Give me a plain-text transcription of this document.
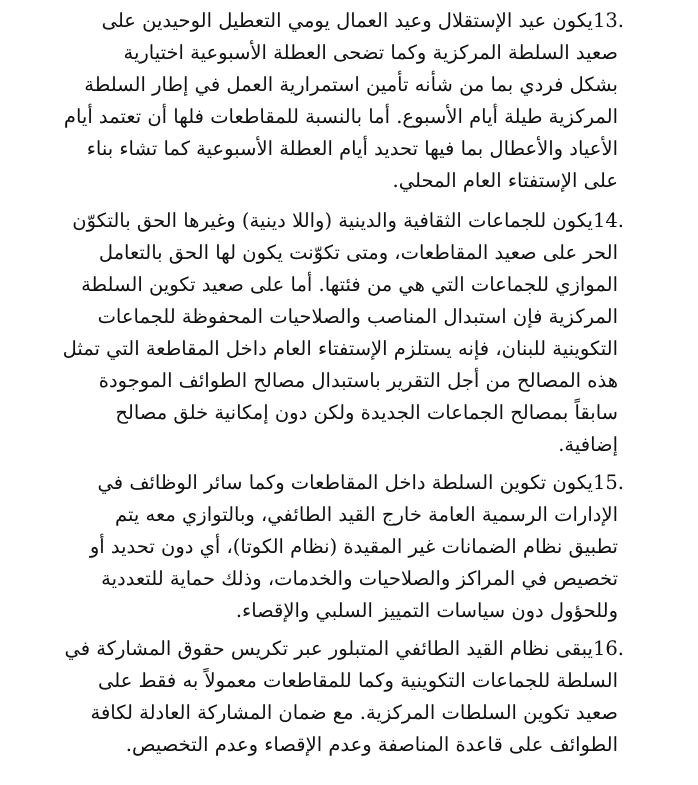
13.يكون عيد الإستقلال وعيد العمال يومي التعطيل الوحيدين على
صعيد السلطة المركزية وكما تضحى العطلة الأسبوعية اختيارية
بشكل فردي بما من شأنه تأمين استمرارية العمل في إطار السلطة
المركزية طيلة أيام الأسبوع. أما بالنسبة للمقاطعات فلها أن تعتمد أيام
الأعياد والأعطال بما فيها تحديد أيام العطلة الأسبوعية كما تشاء بناء
على الإستفتاء العام المحلي.
14.يكون للجماعات الثقافية والدينية (واللا دينية) وغيرها الحق بالتكوّن
الحر على صعيد المقاطعات، ومتى تكوّنت يكون لها الحق بالتعامل
الموازي للجماعات التي هي من فئتها. أما على صعيد تكوين السلطة
المركزية فإن استبدال المناصب والصلاحيات المحفوظة للجماعات
التكوينية للبنان، فإنه يستلزم الإستفتاء العام داخل المقاطعة التي تمثل
هذه المصالح من أجل التقرير باستبدال مصالح الطوائف الموجودة
سابقاً بمصالح الجماعات الجديدة ولكن دون إمكانية خلق مصالح
إضافية.
15.يكون تكوين السلطة داخل المقاطعات وكما سائر الوظائف في
الإدارات الرسمية العامة خارج القيد الطائفي، وبالتوازي معه يتم
تطبيق نظام الضمانات غير المقيدة (نظام الكوتا)، أي دون تحديد أو
تخصيص في المراكز والصلاحيات والخدمات، وذلك حماية للتعددية
وللحؤول دون سياسات التمييز السلبي والإقصاء.
16.يبقى نظام القيد الطائفي المتبلور عبر تكريس حقوق المشاركة في
السلطة للجماعات التكوينية وكما للمقاطعات معمولاً به فقط على
صعيد تكوين السلطات المركزية. مع ضمان المشاركة العادلة لكافة
الطوائف على قاعدة المناصفة وعدم الإقصاء وعدم التخصيص.
